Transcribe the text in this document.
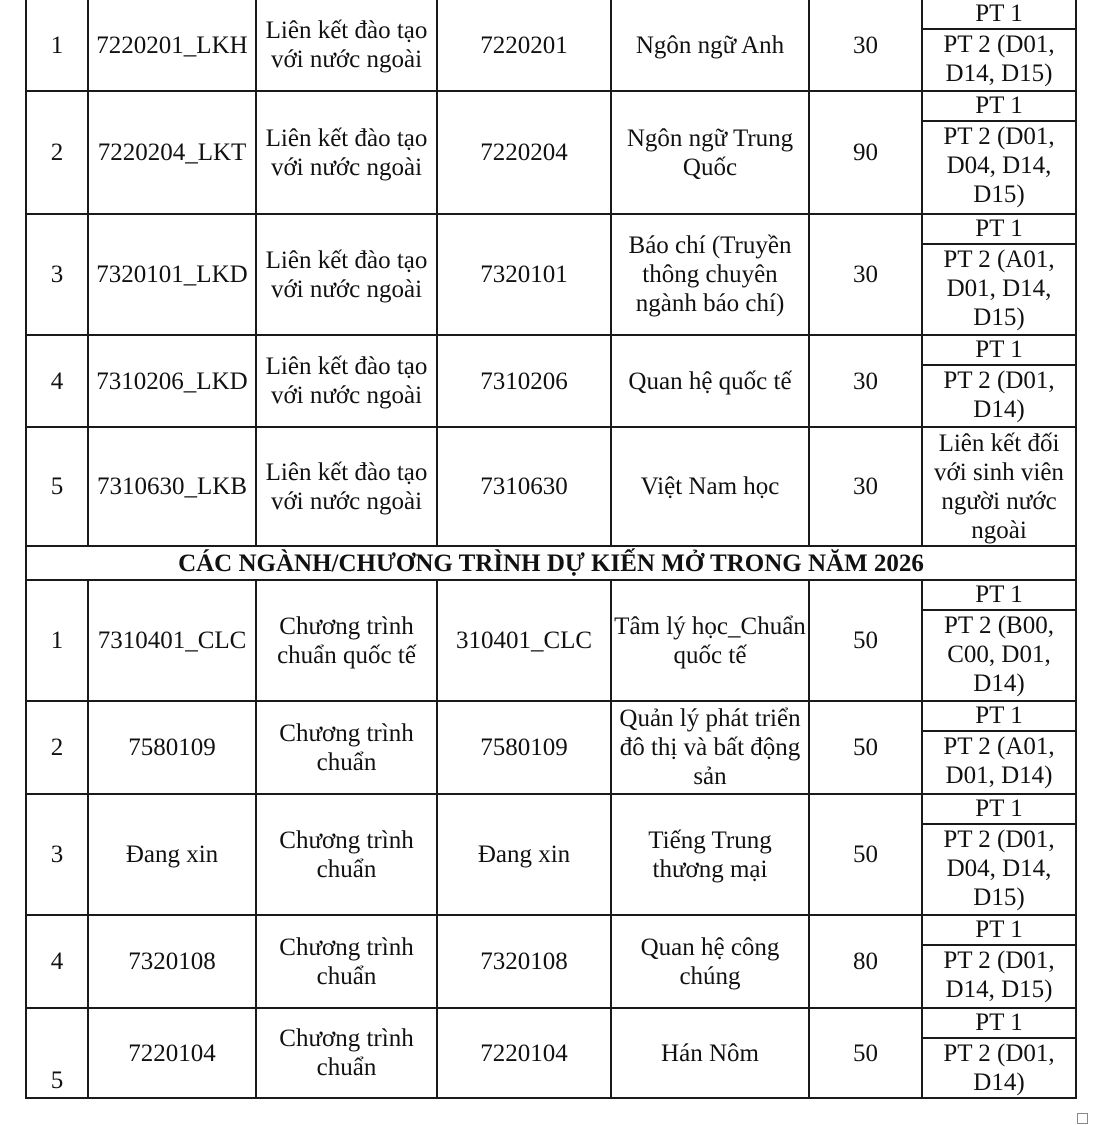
1	7220201_LKH	Liên kết đào tạo với nước ngoài	7220201	Ngôn ngữ Anh	30	PT 1
PT 2 (D01, D14, D15)

2	7220204_LKT	Liên kết đào tạo với nước ngoài	7220204	Ngôn ngữ Trung Quốc	90	PT 1
PT 2 (D01, D04, D14, D15)

3	7320101_LKD	Liên kết đào tạo với nước ngoài	7320101	Báo chí (Truyền thông chuyên ngành báo chí)	30	PT 1
PT 2 (A01, D01, D14, D15)

4	7310206_LKD	Liên kết đào tạo với nước ngoài	7310206	Quan hệ quốc tế	30	PT 1
PT 2 (D01, D14)

5	7310630_LKB	Liên kết đào tạo với nước ngoài	7310630	Việt Nam học	30	Liên kết đối với sinh viên người nước ngoài
CÁC NGÀNH/CHƯƠNG TRÌNH DỰ KIẾN MỞ TRONG NĂM 2026						
1	7310401_CLC	Chương trình chuẩn quốc tế	310401_CLC	Tâm lý học_Chuẩn quốc tế	50	PT 1
PT 2 (B00, C00, D01, D14)

2	7580109	Chương trình chuẩn	7580109	Quản lý phát triển đô thị và bất động sản	50	PT 1
PT 2 (A01, D01, D14)

3	Đang xin	Chương trình chuẩn	Đang xin	Tiếng Trung thương mại	50	PT 1
PT 2 (D01, D04, D14, D15)

4	7320108	Chương trình chuẩn	7320108	Quan hệ công chúng	80	PT 1
PT 2 (D01, D14, D15)

5	7220104	Chương trình chuẩn	7220104	Hán Nôm	50	PT 1
PT 2 (D01, D14)
